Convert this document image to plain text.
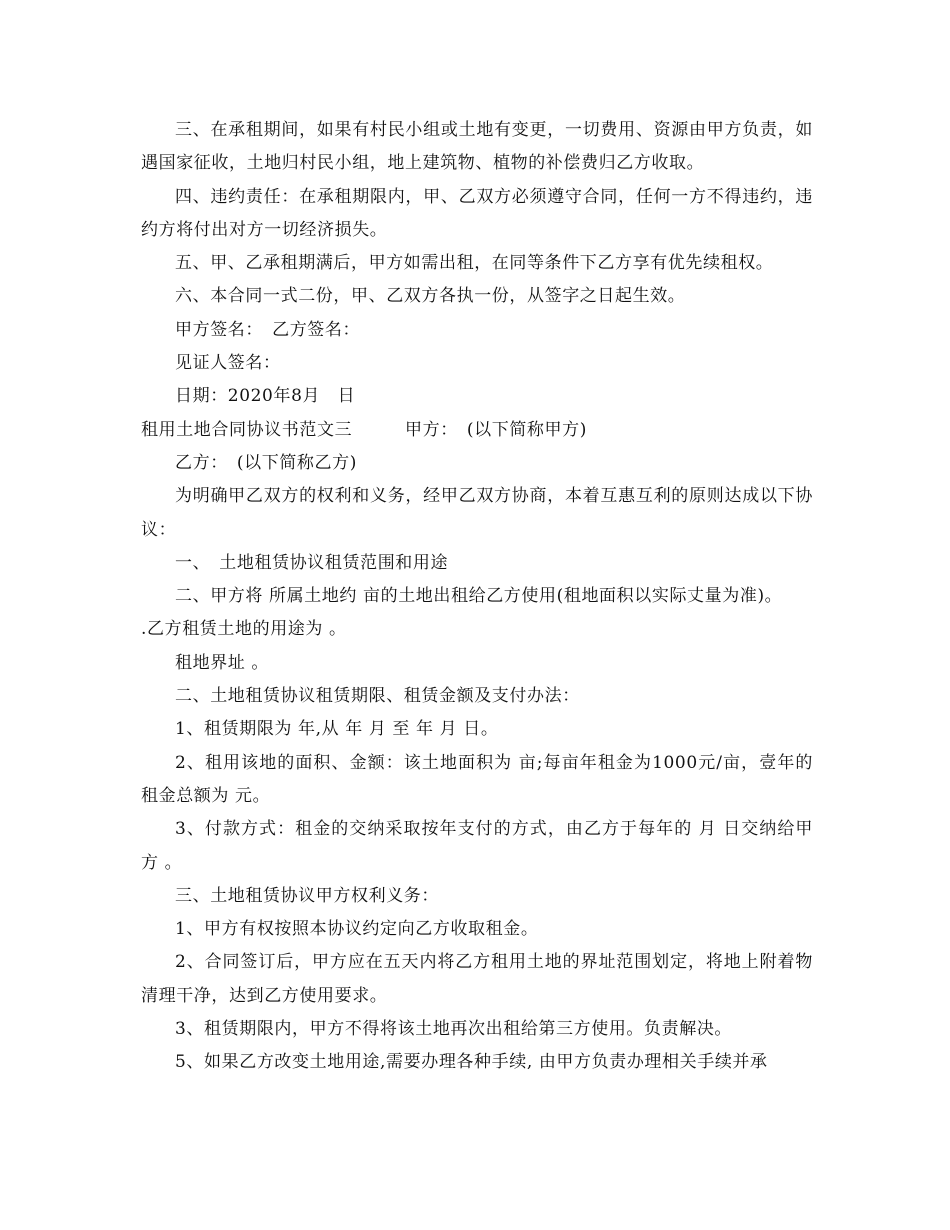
三、在承租期间，如果有村民小组或土地有变更，一切费用、资源由甲方负责，如遇国家征收，土地归村民小组，地上建筑物、植物的补偿费归乙方收取。

四、违约责任：在承租期限内，甲、乙双方必须遵守合同，任何一方不得违约，违约方将付出对方一切经济损失。

五、甲、乙承租期满后，甲方如需出租，在同等条件下乙方享有优先续租权。

六、本合同一式二份，甲、乙双方各执一份，从签字之日起生效。

甲方签名：　乙方签名：

见证人签名：

日期：2020年8月　日

租用土地合同协议书范文三　　　甲方：　(以下简称甲方)

乙方：　(以下简称乙方)

为明确甲乙双方的权利和义务，经甲乙双方协商，本着互惠互利的原则达成以下协议：

一、　土地租赁协议租赁范围和用途

二、甲方将 所属土地约 亩的土地出租给乙方使用(租地面积以实际丈量为准)。

.乙方租赁土地的用途为 。

租地界址 。

二、土地租赁协议租赁期限、租赁金额及支付办法：

1、租赁期限为 年,从 年 月 至 年 月 日。

2、租用该地的面积、金额：该土地面积为 亩;每亩年租金为1000元/亩，壹年的租金总额为 元。

3、付款方式：租金的交纳采取按年支付的方式，由乙方于每年的 月 日交纳给甲方 。

三、土地租赁协议甲方权利义务：

1、甲方有权按照本协议约定向乙方收取租金。

2、合同签订后，甲方应在五天内将乙方租用土地的界址范围划定，将地上附着物清理干净，达到乙方使用要求。

3、租赁期限内，甲方不得将该土地再次出租给第三方使用。负责解决。

5、如果乙方改变土地用途,需要办理各种手续, 由甲方负责办理相关手续并承
